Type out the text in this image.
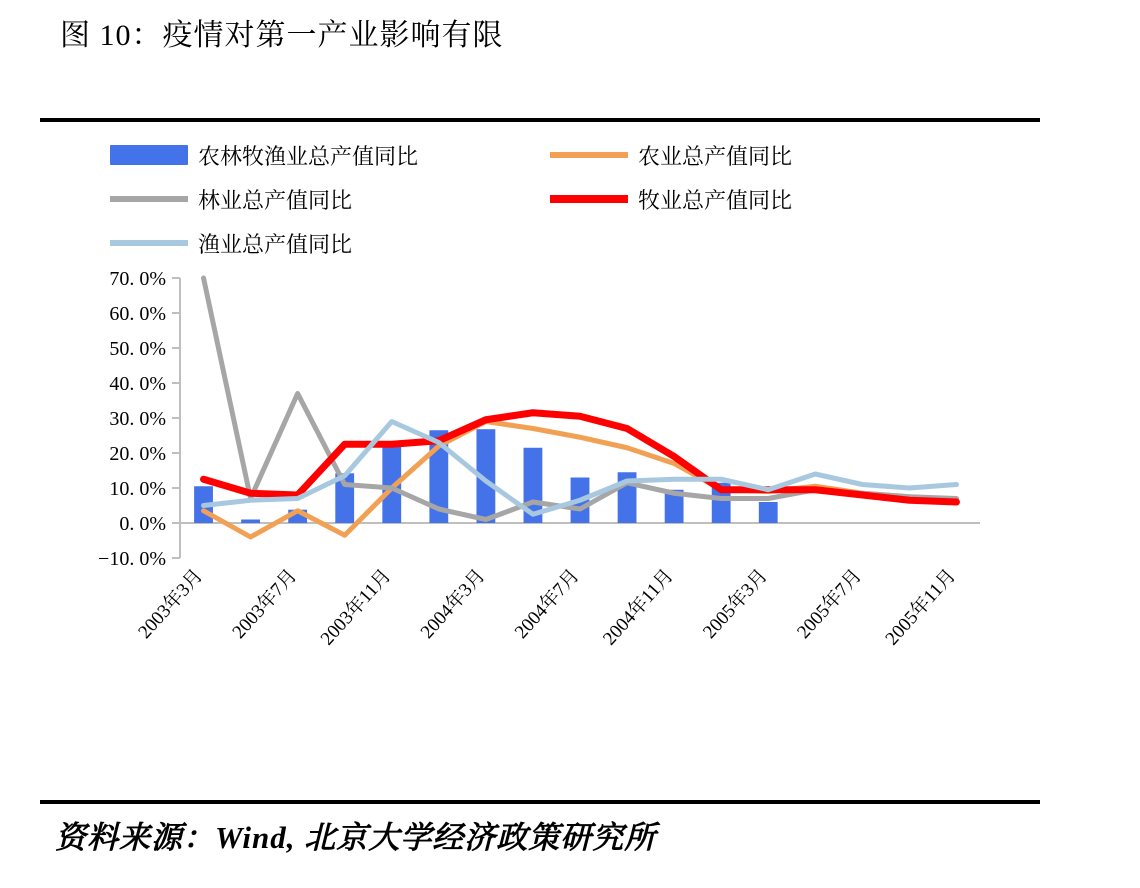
图 10：疫情对第一产业影响有限
农林牧渔业总产值同比	农业总产值同比
林业总产值同比	牧业总产值同比
渔业总产值同比
70. 0%
60. 0%
50. 0%
40. 0%
30. 0%
20. 0%
10. 0%
0. 0%
−10. 0%
2003年3月 2003年7月 2003年11月 2004年3月 2004年7月 2004年11月 2005年3月 2005年7月 2005年11月
资料来源：Wind, 北京大学经济政策研究所
